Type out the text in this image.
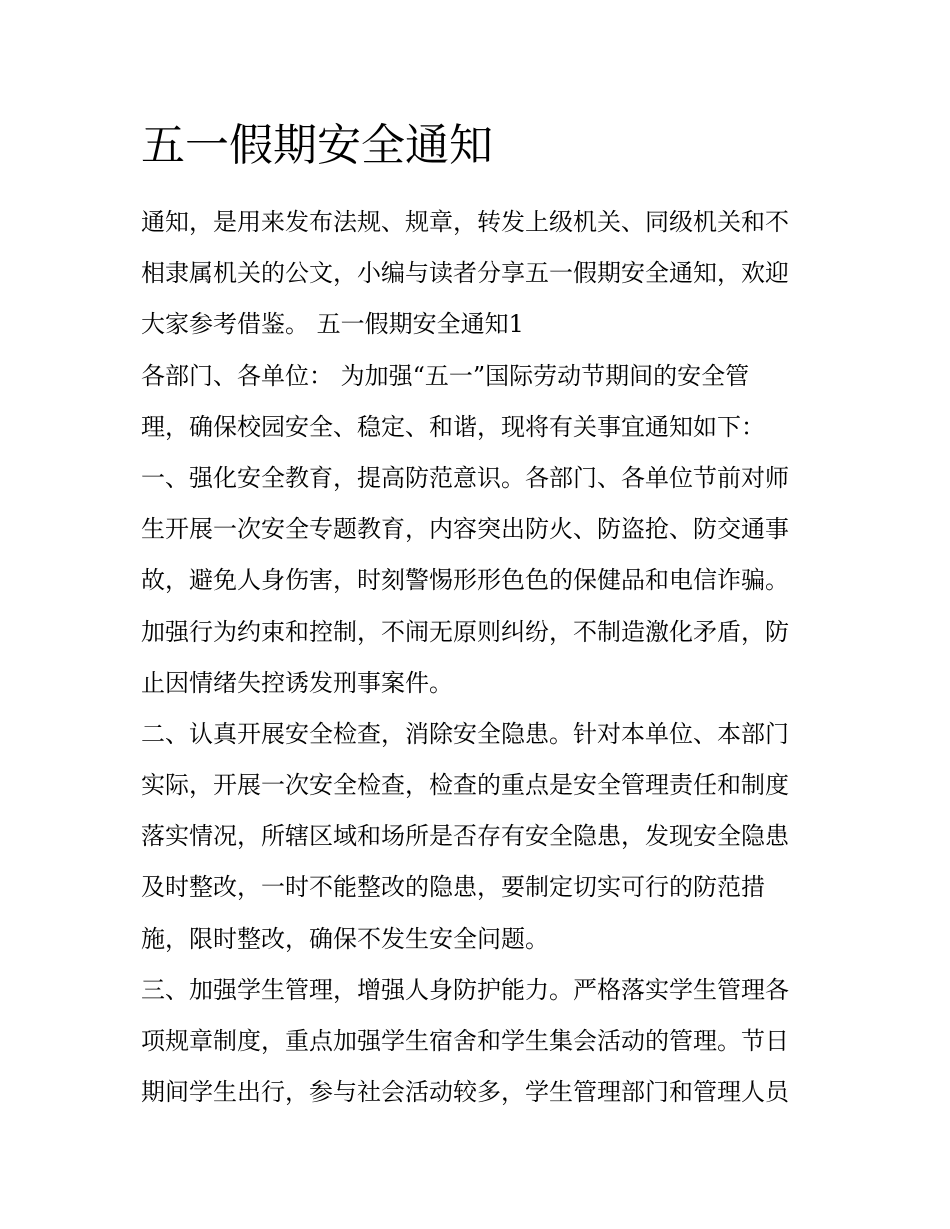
五一假期安全通知
通知，是用来发布法规、规章，转发上级机关、同级机关和不
相隶属机关的公文，小编与读者分享五一假期安全通知，欢迎
大家参考借鉴。 五一假期安全通知1
各部门、各单位： 为加强“五一”国际劳动节期间的安全管
理，确保校园安全、稳定、和谐，现将有关事宜通知如下：
一、强化安全教育，提高防范意识。各部门、各单位节前对师
生开展一次安全专题教育，内容突出防火、防盗抢、防交通事
故，避免人身伤害，时刻警惕形形色色的保健品和电信诈骗。
加强行为约束和控制，不闹无原则纠纷，不制造激化矛盾，防
止因情绪失控诱发刑事案件。
二、认真开展安全检查，消除安全隐患。针对本单位、本部门
实际，开展一次安全检查，检查的重点是安全管理责任和制度
落实情况，所辖区域和场所是否存有安全隐患，发现安全隐患
及时整改，一时不能整改的隐患，要制定切实可行的防范措
施，限时整改，确保不发生安全问题。
三、加强学生管理，增强人身防护能力。严格落实学生管理各
项规章制度，重点加强学生宿舍和学生集会活动的管理。节日
期间学生出行，参与社会活动较多，学生管理部门和管理人员
